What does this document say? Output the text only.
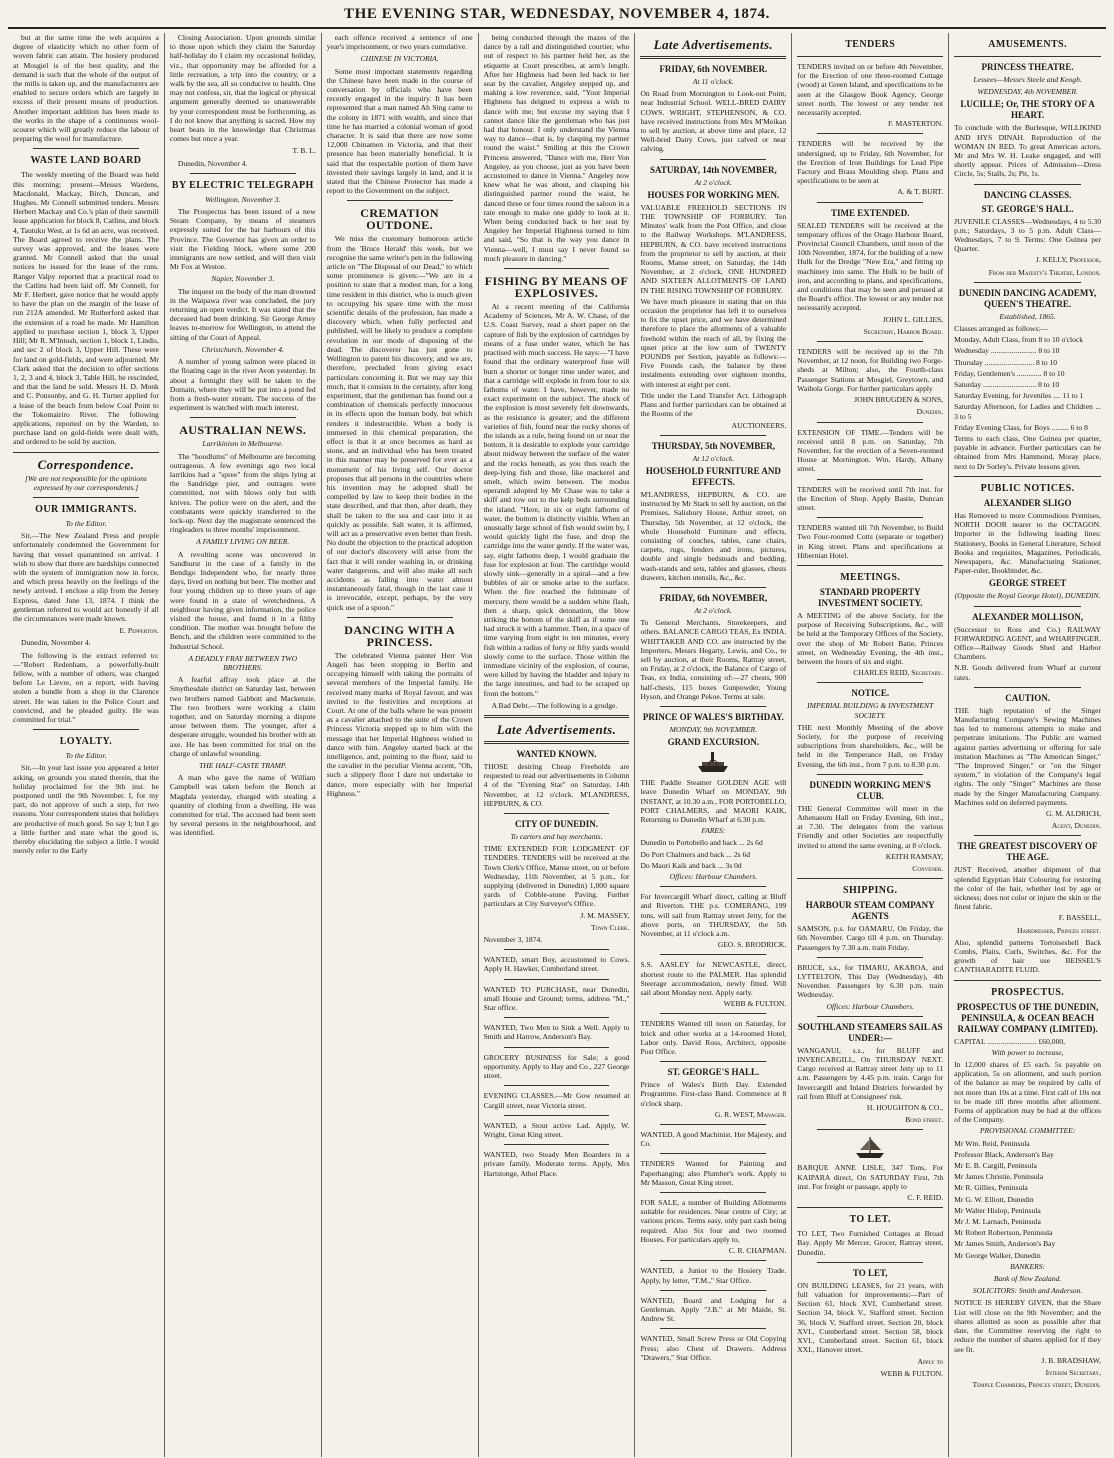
THE EVENING STAR, WEDNESDAY, NOVEMBER 4, 1874.

but at the same time the web acquires a degree of elasticity which no other form of woven fabric can attain. The hosiery produced at Mosgiel is of the best quality, and the demand is such that the whole of the output of the mills is taken up, and the manufacturers are enabled to secure orders which are largely in excess of their present means of production. Another important addition has been made to the works in the shape of a continuous wool-scourer which will greatly reduce the labour of preparing the wool for manufacture.

WASTE LAND BOARD

The weekly meeting of the Board was held this morning; present—Messrs Wardens, Macdonald, Mackay, Birch, Duncan, and Hughes. Mr Connell submitted tenders. Messrs Herbert Mackay and Co.'s plan of their sawmill lease application for block 8, Catlins, and block 4, Tautuku West, at 1s 6d an acre, was received. The Board agreed to receive the plans. The survey was approved, and the leases were granted. Mr Connell asked that the usual notices be issued for the lease of the runs. Ranger Valpy reported that a practical road to the Catlins had been laid off. Mr Connell, for Mr F. Herbert, gave notice that he would apply to have the plan on the margin of the lease of run 212A amended. Mr Rutherford asked that the extension of a road be made. Mr Hamilton applied to purchase section 1, block 3, Upper Hill; Mr R. M'Intosh, section 1, block 1, Lindis, and sec 2 of block 3, Upper Hill. These were for land on gold-fields, and were adjourned. Mr Clark asked that the decision to offer sections 1, 2, 3 and 4, block 3, Table Hill, be rescinded, and that the land be sold. Messrs H. D. Monk and C. Ponsonby, and G. H. Turner applied for a lease of the beach from below Coal Point to the Tokomairiro River. The following applications, reported on by the Warden, to purchase land on gold-fields were dealt with, and ordered to be sold by auction.

Correspondence.
[We are not responsible for the opinions expressed by our correspondents.]
OUR IMMIGRANTS.
To the Editor.

Sir,—The New Zealand Press and people unfortunately condemned the Government for having that vessel quarantined on arrival. I wish to show that there are hardships connected with the system of immigration now in force, and which press heavily on the feelings of the newly arrived. I enclose a slip from the Jersey Express, dated June 13, 1874. I think the gentleman referred to would act honestly if all the circumstances were made known.

E. Pepperton.

Dunedin, November 4.

The following is the extract referred to:—"Robert Redenham, a powerfully-built fellow, with a number of others, was charged before Le Lievre, on a report, with having stolen a bundle from a shop in the Clarence street. He was taken to the Police Court and convicted, and he pleaded guilty. He was committed for trial."

LOYALTY.
To the Editor.

Sir,—In your last issue you appeared a letter asking, on grounds you stated therein, that the holiday proclaimed for the 9th inst. be postponed until the 9th November. I, for my part, do not approve of such a step, for two reasons. Your correspondent states that holidays are productive of much good. So say I; but I go a little further and state what the good is, thereby elucidating the subject a little. I would merely refer to the Early

Closing Association. Upon grounds similar to those upon which they claim the Saturday half-holiday do I claim my occasional holiday, viz., that opportunity may be afforded for a little recreation, a trip into the country, or a walk by the sea, all so conducive to health. One may not confess, sir, that the logical or physical argument generally deemed so unanswerable by your correspondent must be forthcoming, as I do not know that anything is sacred. How my heart beats in the knowledge that Christmas comes but once a year.

T. B. L.

Dunedin, November 4.

BY ELECTRIC TELEGRAPH
Wellington, November 3.

The Prospectus has been issued of a new Steam Company, by means of steamers expressly suited for the bar harbours of this Province. The Governor has given an order to visit the Fielding block, where some 200 immigrants are now settled, and will then visit Mr Fox at Westoe.

Napier, November 3.

The inquest on the body of the man drowned in the Waipawa river was concluded, the jury returning an open verdict. It was stated that the deceased had been drinking. Sir George Arney leaves to-morrow for Wellington, to attend the sitting of the Court of Appeal.

Christchurch, November 4.

A number of young salmon were placed in the floating cage in the river Avon yesterday. In about a fortnight they will be taken to the Domain, where they will be put into a pond fed from a fresh-water stream. The success of the experiment is watched with much interest.

AUSTRALIAN NEWS.
Larrikinism in Melbourne.

The "hoodlums" of Melbourne are becoming outrageous. A few evenings ago two local larrikins had a "spree" from the ships lying at the Sandridge pier, and outrages were committed, not with blows only but with knives. The police were on the alert, and the combatants were quickly transferred to the lock-up. Next day the magistrate sentenced the ringleaders to three months' imprisonment.

A FAMILY LIVING ON BEER.

A revolting scene was uncovered in Sandhurst in the case of a family in the Bendigo Independent who, for nearly three days, lived on nothing but beer. The mother and four young children up to three years of age were found in a state of wretchedness. A neighbour having given information, the police visited the house, and found it in a filthy condition. The mother was brought before the Bench, and the children were committed to the Industrial School.

A DEADLY FRAY BETWEEN TWO BROTHERS.

A fearful affray took place at the Smythesdale district on Saturday last, between two brothers named Gabbott and Mackenzie. The two brothers were working a claim together, and on Saturday morning a dispute arose between them. The younger, after a desperate struggle, wounded his brother with an axe. He has been committed for trial on the charge of unlawful wounding.

THE HALF-CASTE TRAMP.

A man who gave the name of William Campbell was taken before the Bench at Magdala yesterday, charged with stealing a quantity of clothing from a dwelling. He was committed for trial. The accused had been seen by several persons in the neighbourhood, and was identified.

each offence received a sentence of one year's imprisonment, or two years cumulative.

CHINESE IN VICTORIA.

Some most important statements regarding the Chinese have been made in the course of conversation by officials who have been recently engaged in the inquiry. It has been represented that a man named Ah Sing came to the colony in 1871 with wealth, and since that time he has married a colonial woman of good character. It is said that there are now some 12,000 Chinamen in Victoria, and that their presence has been materially beneficial. It is said that the respectable portion of them have invested their savings largely in land, and it is stated that the Chinese Protector has made a report to the Government on the subject.

CREMATION OUTDONE.

We miss the customary humorous article from the 'Bruce Herald' this week, but we recognise the same writer's pen in the following article on "The Disposal of our Dead," to which some prominence is given:—"We are in a position to state that a modest man, for a long time resident in this district, who is much given to occupying his spare time with the most scientific details of the profession, has made a discovery which, when fully perfected and published, will be likely to produce a complete revolution in our mode of disposing of the dead. The discoverer has just gone to Wellington to patent his discovery, and we are, therefore, precluded from giving exact particulars concerning it. But we may say this much, that it consists in the certainty, after long experiment, that the gentleman has found out a combination of chemicals perfectly innocuous in its effects upon the human body, but which renders it indestructible. When a body is immersed in this chemical preparation, the effect is that it at once becomes as hard as stone, and an individual who has been treated in this manner may be preserved for ever as a monument of his living self. Our doctor proposes that all persons in the countries where his invention may be adopted shall be compelled by law to keep their bodies in the state described, and that then, after death, they shall be taken to the sea and cast into it as quickly as possible. Salt water, it is affirmed, will act as a preservative even better than fresh. No doubt the objection to the practical adoption of our doctor's discovery will arise from the fact that it will render washing in, or drinking water dangerous, and will also make all such accidents as falling into water almost instantaneously fatal, though in the last case it is irrevocable, except, perhaps, by the very quick use of a spoon."

DANCING WITH A PRINCESS.

The celebrated Vienna painter Herr Von Angeli has been stopping in Berlin and occupying himself with taking the portraits of several members of the Imperial family. He received many marks of Royal favour, and was invited to the festivities and receptions at Court. At one of the balls where he was present as a cavalier attached to the suite of the Crown Princess Victoria stepped up to him with the message that her Imperial Highness wished to dance with him. Angeley started back at the intelligence, and, pointing to the floor, said to the cavalier in the peculiar Vienna accent, "Oh, such a slippery floor I dare not undertake to dance, more especially with her Imperial Highness."

being conducted through the mazes of the dance by a tall and distinguished courtier, who out of respect to his partner held her, as the etiquette at Court prescribes, at arm's length. After her Highness had been led back to her seat by the cavalier, Angeley stepped up, and making a low reverence, said, "Your Imperial Highness has deigned to express a wish to dance with me; but excuse my saying that I cannot dance like the gentleman who has just had that honour. I only understand the Vienna way to dance—that is, by clasping my partner round the waist." Smiling at this the Crown Princess answered, "Dance with me, Herr Von Angeley, as you choose, just as you have been accustomed to dance in Vienna." Angeley now knew what he was about, and clasping his distinguished partner round the waist, he danced three or four times round the saloon in a rate enough to make one giddy to look at it. When being conducted back to her seat by Angeley her Imperial Highness turned to him and said, "So that is the way you dance in Vienna—well, I must say I never found so much pleasure in dancing."

FISHING BY MEANS OF EXPLOSIVES.

At a recent meeting of the California Academy of Sciences, Mr A. W. Chase, of the U.S. Coast Survey, read a short paper on the capture of fish by the explosion of cartridges by means of a fuse under water, which he has practised with much success. He says:—"I have found that the ordinary waterproof fuse will burn a shorter or longer time under water, and that a cartridge will explode in from four to six fathoms of water. I have, however, made no exact experiment on the subject. The shock of the explosion is most severely felt downwards, as the resistance is greater; and the different varieties of fish, found near the rocky shores of the islands as a rule, being found on or near the bottom, it is desirable to explode your cartridge about midway between the surface of the water and the rocks beneath, as you thus reach the deep-lying fish and those, like mackerel and smelt, which swim between. The modus operandi adopted by Mr Chase was to take a skiff and row out to the kelp beds surrounding the island. "Here, in six or eight fathoms of water, the bottom is distinctly visible. When an unusually large school of fish would swim by, I would quickly light the fuse, and drop the cartridge into the water gently. If the water was, say, eight fathoms deep, I would graduate the fuse for explosion at four. The cartridge would slowly sink—generally in a spiral—and a few bubbles of air or smoke arise to the surface. When the fire reached the fulminate of mercury, there would be a sudden white flash, then a sharp, quick detonation, the blow striking the bottom of the skiff as if some one had struck it with a hammer. Then, in a space of time varying from eight to ten minutes, every fish within a radius of forty or fifty yards would slowly come to the surface. Those within the immediate vicinity of the explosion, of course, were killed by having the bladder and injury to the large intestines, and had to be scraped up from the bottom."

A Bad Debt.—The following is a grudge.

Late Advertisements.
WANTED KNOWN.

THOSE desiring Cheap Freeholds are requested to read our advertisements in Column 4 of the "Evening Star" on Saturday, 14th November, at 12 o'clock. M'LANDRESS, HEPBURN, & CO.

CITY OF DUNEDIN.
To carters and hay merchants.

TIME EXTENDED FOR LODGMENT OF TENDERS. TENDERS will be received at the Town Clerk's Office, Manse street, on or before Wednesday, 11th November, at 5 p.m., for supplying (delivered in Dunedin) 1,000 square yards of Cobble-stone Paving. Further particulars at City Surveyor's Office.

J. M. MASSEY,
Town Clerk.

November 3, 1874.

WANTED, smart Boy, accustomed to Cows. Apply H. Hawker, Cumberland street.

WANTED TO PURCHASE, near Dunedin, small House and Ground; terms, address "M.," Star office.

WANTED, Two Men to Sink a Well. Apply to Smith and Harrow, Anderson's Bay.

GROCERY BUSINESS for Sale; a good opportunity. Apply to Hay and Co., 227 George street.

EVENING CLASSES.—Mr Gow resumed at Cargill street, near Victoria street.

WANTED, a Stout active Lad. Apply, W. Wright, Great King street.

WANTED, two Steady Men Boarders in a private family. Moderate terms. Apply, Mrs Hartstonge, Athol Place.

Late Advertisements.
FRIDAY, 6th NOVEMBER.
At 11 o'clock.

On Road from Mornington to Look-out Point, near Industrial School. WELL-BRED DAIRY COWS. WRIGHT, STEPHENSON, & CO. have received instructions from Mrs M'Meikan to sell by auction, at above time and place, 12 Well-bred Dairy Cows, just calved or near calving.

SATURDAY, 14th NOVEMBER,
At 2 o'clock.
HOUSES FOR WORKING MEN.

VALUABLE FREEHOLD SECTIONS IN THE TOWNSHIP OF FORBURY. Ten Minutes' walk from the Post Office, and close to the Railway Workshops. M'LANDRESS, HEPBURN, & CO. have received instructions from the proprietor to sell by auction, at their Rooms, Manse street, on Saturday, the 14th November, at 2 o'clock, ONE HUNDRED AND SIXTEEN ALLOTMENTS OF LAND IN THE RISING TOWNSHIP OF FORBURY.

We have much pleasure in stating that on this occasion the proprietor has left it to ourselves to fix the upset price, and we have determined therefore to place the allotments of a valuable freehold within the reach of all, by fixing the upset price at the low sum of TWENTY POUNDS per Section, payable as follows:—Five Pounds cash, the balance by three instalments extending over eighteen months, with interest at eight per cent.

Title under the Land Transfer Act. Lithograph Plans and further particulars can be obtained at the Rooms of the

AUCTIONEERS.
THURSDAY, 5th NOVEMBER,
At 12 o'clock.
HOUSEHOLD FURNITURE AND EFFECTS.

M'LANDRESS, HEPBURN, & CO. are instructed by Mr Stark to sell by auction, on the Premises, Salisbury House, Arthur street, on Thursday, 5th November, at 12 o'clock, the whole Household Furniture and effects, consisting of couches, tables, cane chairs, carpets, rugs, fenders and irons, pictures, double and single bedsteads and bedding, wash-stands and sets, tables and glasses, chests drawers, kitchen utensils, &c., &c.

FRIDAY, 6th NOVEMBER,
At 2 o'clock.

To General Merchants, Storekeepers, and others. BALANCE CARGO TEAS, Ex INDIA. WHITTAKER AND CO. are instructed by the Importers, Messrs Hegarty, Lewis, and Co., to sell by auction, at their Rooms, Rattray street, on Friday, at 2 o'clock, the Balance of Cargo of Teas, ex India, consisting of:—27 chests, 900 half-chests, 115 boxes Gunpowder, Young Hyson, and Orange Pekoe. Terms at sale.

PRINCE OF WALES'S BIRTHDAY.
MONDAY, 9th NOVEMBER.
GRAND EXCURSION.

THE Paddle Steamer GOLDEN AGE will leave Dunedin Wharf on MONDAY, 9th INSTANT, at 10.30 a.m., FOR PORTOBELLO, PORT CHALMERS, and MAORI KAIK, Returning to Dunedin Wharf at 6.30 p.m.

FARES:

Dunedin to Portobello and back ... 2s 6d

Do Port Chalmers and back ... 2s 6d

Do Maori Kaik and back ... 3s 0d

Offices: Harbour Chambers.

For Invercargill Wharf direct, calling at Bluff and Riverton. THE p.s. COMERANG, 199 tons, will sail from Rattray street Jetty, for the above ports, on THURSDAY, the 5th November, at 11 o'clock a.m.

GEO. S. BRODRICK.

S.S. AASLEY for NEWCASTLE, direct, shortest route to the PALMER. Has splendid Steerage accommodation, newly fitted. Will sail about Monday next. Apply early.

WEBB & FULTON.

TENDERS Wanted till noon on Saturday, for brick and other works at a 14-roomed Hotel, Labor only. David Ross, Architect, opposite Post Office.

ST. GEORGE'S HALL.

Prince of Wales's Birth Day. Extended Programme. First-class Band. Commence at 8 o'clock sharp.

G. R. WEST, Manager.

WANTED, A good Machinist. Her Majesty, and Co.

TENDERS Wanted for Painting and Paperhanging; also Plumber's work. Apply to Mr Masson, Great King street.

FOR SALE, a number of Building Allotments suitable for residences. Near centre of City; at various prices. Terms easy, only part cash being required. Also Six four and two roomed Houses. For particulars apply to,

C. R. CHAPMAN.

WANTED, a Junior to the Hosiery Trade. Apply, by letter, "T.M.," Star Office.

WANTED, Board and Lodging for a Gentleman. Apply "J.B." at Mr Maide, St. Andrew St.

WANTED, Small Screw Press or Old Copying Press; also Chest of Drawers. Address "Drawers," Star Office.

TENDERS

TENDERS invited on or before 4th November, for the Erection of one three-roomed Cottage (wood) at Green Island, and specifications to be seen at the Glasgow Book Agency, George street north. The lowest or any tender not necessarily accepted.

F. MASTERTON.

TENDERS will be received by the undersigned, up to Friday, 6th November, for the Erection of Iron Buildings for Lead Pipe Factory and Brass Moulding shop. Plans and specifications to be seen at

A. & T. BURT.
TIME EXTENDED.

SEALED TENDERS will be received at the temporary offices of the Otago Harbour Board, Provincial Council Chambers, until noon of the 10th November, 1874, for the building of a new Hulk for the Dredge "New Era," and fitting up machinery into same. The Hulk to be built of iron, and according to plans, and specifications, and conditions that may be seen and perused at the Board's office. The lowest or any tender not necessarily accepted.

JOHN L. GILLIES,
Secretary, Harbor Board.

TENDERS will be received up to the 7th November, at 12 noon, for Building two Forge-sheds at Milton; also, the Fourth-class Passenger Stations at Mosgiel, Greytown, and Waihola Gorge. For further particulars apply

JOHN BRUGDEN & SONS,
Dunedin.

EXTENSION OF TIME.—Tenders will be received until 8 p.m. on Saturday, 7th November, for the erection of a Seven-roomed House at Mornington. Wm. Hardy, Albany street.

TENDERS will be received until 7th inst. for the Erection of Shop. Apply Bastie, Duncan street.

TENDERS wanted till 7th November, to Build Two Four-roomed Cotts (separate or together) in King street. Plans and specifications at Hibernian Hotel.

MEETINGS.
STANDARD PROPERTY INVESTMENT SOCIETY.

A MEETING of the above Society, for the purpose of Receiving Subscriptions, &c., will be held at the Temporary Offices of the Society, over the shop of Mr Robert Batie, Princes street, on Wednesday Evening, the 4th inst., between the hours of six and eight.

CHARLES REID, Secretary.
NOTICE.
IMPERIAL BUILDING & INVESTMENT SOCIETY.

THE next Monthly Meeting of the above Society, for the purpose of receiving subscriptions from shareholders, &c., will be held in the Temperance Hall, on Friday Evening, the 6th inst., from 7 p.m. to 8.30 p.m.

DUNEDIN WORKING MEN'S CLUB.

THE General Committee will meet in the Athenaeum Hall on Friday Evening, 6th inst., at 7.30. The delegates from the various Friendly and other Societies are respectfully invited to attend the same evening, at 8 o'clock.

KEITH RAMSAY,
Convener.
SHIPPING.
HARBOUR STEAM COMPANY AGENTS

SAMSON, p.s. for OAMARU, On Friday, the 6th November. Cargo till 4 p.m. on Thursday. Passengers by 7.30 a.m. train Friday.

BRUCE, s.s., for TIMARU, AKAROA, and LYTTELTON, This Day (Wednesday), 4th November. Passengers by 6.30 p.m. train Wednesday.

Offices: Harbour Chambers.
SOUTHLAND STEAMERS SAIL AS UNDER:—

WANGANUI, s.s., for BLUFF and INVERCARGILL, On THURSDAY NEXT. Cargo received at Rattray street Jetty up to 11 a.m. Passengers by 4.45 p.m. train. Cargo for Invercargill and Inland Districts forwarded by rail from Bluff at Consignees' risk.

H. HOUGHTON & CO.,
Bond street.

BARQUE ANNE LISLE, 347 Tons, For KAIPARA direct, On SATURDAY First, 7th inst. For freight or passage, apply to

C. F. REID.
TO LET.

TO LET, Two Furnished Cottages at Broad Bay. Apply Mr Mercer, Grocer, Rattray street, Dunedin.

TO LET,

ON BUILDING LEASES, for 21 years, with full valuation for improvements:—Part of Section 61, block XVI, Cumberland street. Section 34, block V., Stafford street. Section 36, block V, Stafford street. Section 20, block XVI., Cumberland street. Section 58, block XVI., Cumberland street. Section 61, block XXI., Hanover street.

Apply to
WEBB & FULTON.
AMUSEMENTS.
PRINCESS THEATRE.
Lessees—Messrs Steele and Keogh.
WEDNESDAY, 4th NOVEMBER.
LUCILLE; Or, THE STORY OF A HEART.

To conclude with the Burlesque, WILLIKIND AND HYS DINAH. Reproduction of the WOMAN IN RED. To great American actors, Mr and Mrs W. H. Leake engaged, and will shortly appear. Prices of Admission—Dress Circle, 5s; Stalls, 2s; Pit, 1s.

DANCING CLASSES.
ST. GEORGE'S HALL.

JUVENILE CLASSES—Wednesdays, 4 to 5.30 p.m.; Saturdays, 3 to 5 p.m. Adult Class—Wednesdays, 7 to 9. Terms: One Guinea per Quarter.

J. KELLY, Professor,
From her Majesty's Theatre, London.
DUNEDIN DANCING ACADEMY, QUEEN'S THEATRE.
Established, 1865.

Classes arranged as follows:—

Monday, Adult Class, from 8 to 10 o'clock

Wednesday ........................ 8 to 10

Thursday .......................... 8 to 10

Friday, Gentlemen's ............. 8 to 10

Saturday ............................ 8 to 10

Saturday Evening, for Juveniles .... 11 to 1

Saturday Afternoon, for Ladies and Children ... 3 to 5

Friday Evening Class, for Boys ......... 6 to 8

Terms to each class, One Guinea per quarter, payable in advance. Further particulars can be obtained from Mrs Hammond, Moray place, next to Dr Sorley's. Private lessons given.

PUBLIC NOTICES.
ALEXANDER SLIGO

Has Removed to more Commodious Premises, NORTH DOOR nearer to the OCTAGON. Importer in the following leading lines: Stationery, Books in General Literature, School Books and requisites, Magazines, Periodicals, Newspapers, &c. Manufacturing Stationer, Paper-ruler, Bookbinder, &c.

GEORGE STREET
(Opposite the Royal George Hotel), DUNEDIN.
ALEXANDER MOLLISON,

(Successor to Ross and Co.) RAILWAY FORWARDING AGENT, and WHARFINGER. Office—Railway Goods Shed and Harbor Chambers.

N.B. Goods delivered from Wharf at current rates.

CAUTION.

THE high reputation of the Singer Manufacturing Company's Sewing Machines has led to numerous attempts to make and perpetrate imitations. The Public are warned against parties advertising or offering for sale imitation Machines as "The American Singer," "The Improved Singer," or "on the Singer system," in violation of the Company's legal rights. The only "Singer" Machines are those made by the Singer Manufacturing Company. Machines sold on deferred payments.

G. M. ALDRICH,
Agent, Dunedin.
THE GREATEST DISCOVERY OF THE AGE.

JUST Received, another shipment of that splendid Egyptian Hair Colouring for restoring the color of the hair, whether lost by age or sickness; does not color or injure the skin or the finest fabric.

F. BASSELL,
Hairdresser, Princes street.

Also, splendid patterns Tortoiseshell Back Combs, Plaits, Curls, Switches, &c. For the growth of hair use BEISSEL'S CANTHARADITE FLUID.

PROSPECTUS.
PROSPECTUS OF THE DUNEDIN, PENINSULA, & OCEAN BEACH RAILWAY COMPANY (LIMITED).

CAPITAL .......................... £60,000,

With power to increase,

In 12,000 shares of £5 each. 5s payable on application, 5s on allotment, and such portion of the balance as may be required by calls of not more than 10s at a time. First call of 10s not to be made till three months after allotment. Forms of application may be had at the offices of the Company.

PROVISIONAL COMMITTEE:

Mr Wm. Reid, Peninsula

Professor Black, Anderson's Bay

Mr E. B. Cargill, Peninsula

Mr James Christie, Peninsula

Mr R. Gillies, Peninsula

Mr G. W. Elliott, Dunedin

Mr Walter Hislop, Peninsula

Mr J. M. Larnach, Peninsula

Mr Robert Robertson, Peninsula

Mr James Smith, Anderson's Bay

Mr George Walker, Dunedin

BANKERS:
Bank of New Zealand.
SOLICITORS: Smith and Anderson.

NOTICE IS HEREBY GIVEN, that the Share List will close on the 9th November; and the shares allotted as soon as possible after that date, the Committee reserving the right to reduce the number of shares applied for if they see fit.

J. B. BRADSHAW,
Interim Secretary,
Temple Chambers, Princes street, Dunedin.
